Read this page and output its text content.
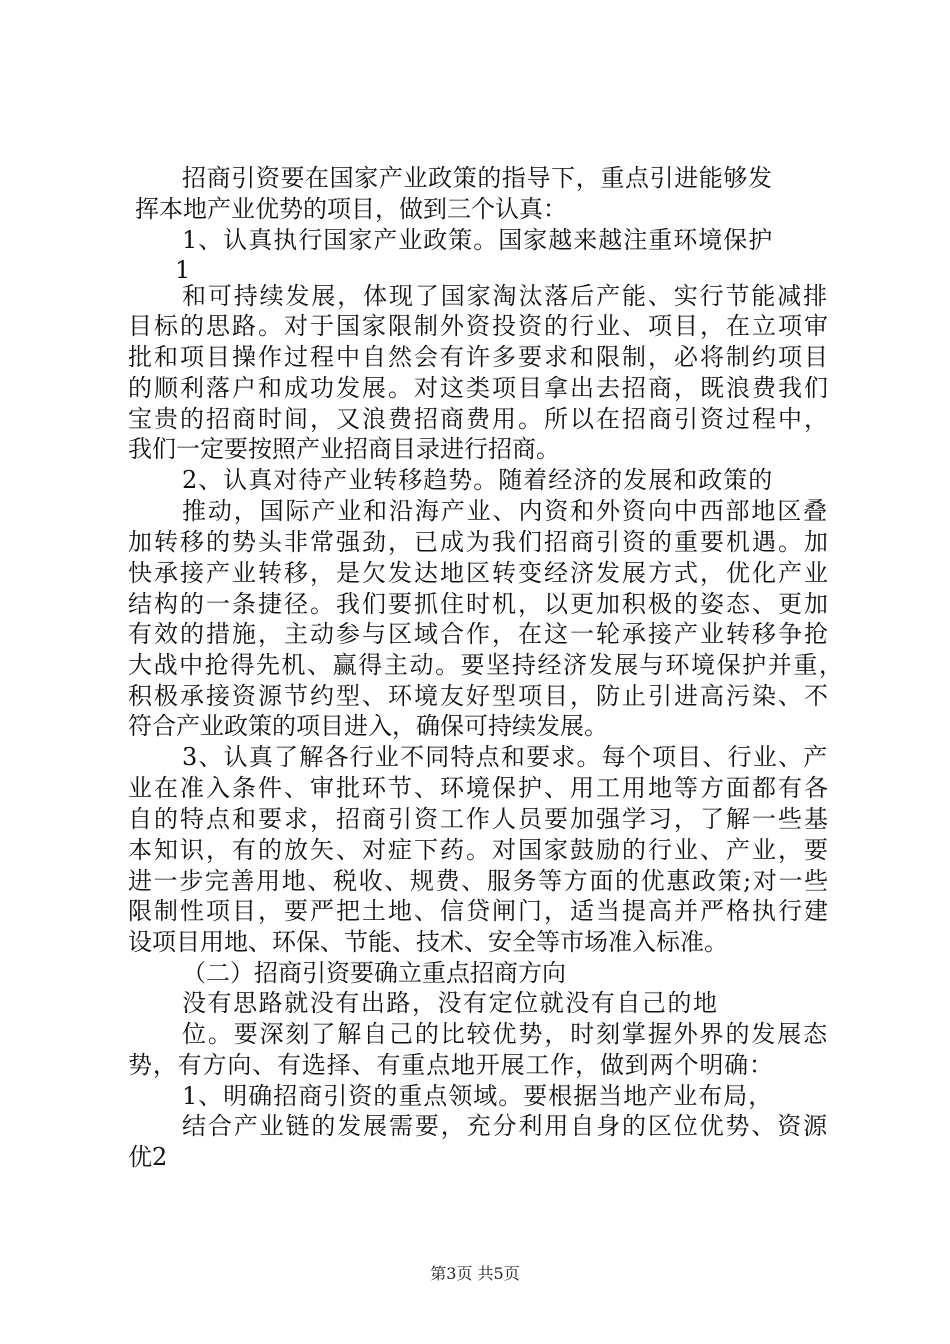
招商引资要在国家产业政策的指导下，重点引进能够发
挥本地产业优势的项目，做到三个认真：
1、认真执行国家产业政策。国家越来越注重环境保护
1
和可持续发展，体现了国家淘汰落后产能、实行节能减排
目标的思路。对于国家限制外资投资的行业、项目，在立项审
批和项目操作过程中自然会有许多要求和限制，必将制约项目
的顺利落户和成功发展。对这类项目拿出去招商，既浪费我们
宝贵的招商时间，又浪费招商费用。所以在招商引资过程中，
我们一定要按照产业招商目录进行招商。
2、认真对待产业转移趋势。随着经济的发展和政策的
推动，国际产业和沿海产业、内资和外资向中西部地区叠
加转移的势头非常强劲，已成为我们招商引资的重要机遇。加
快承接产业转移，是欠发达地区转变经济发展方式，优化产业
结构的一条捷径。我们要抓住时机，以更加积极的姿态、更加
有效的措施，主动参与区域合作，在这一轮承接产业转移争抢
大战中抢得先机、赢得主动。要坚持经济发展与环境保护并重，
积极承接资源节约型、环境友好型项目，防止引进高污染、不
符合产业政策的项目进入，确保可持续发展。
3、认真了解各行业不同特点和要求。每个项目、行业、产
业在准入条件、审批环节、环境保护、用工用地等方面都有各
自的特点和要求，招商引资工作人员要加强学习，了解一些基
本知识，有的放矢、对症下药。对国家鼓励的行业、产业，要
进一步完善用地、税收、规费、服务等方面的优惠政策;对一些
限制性项目，要严把土地、信贷闸门，适当提高并严格执行建
设项目用地、环保、节能、技术、安全等市场准入标准。
（二）招商引资要确立重点招商方向
没有思路就没有出路，没有定位就没有自己的地
位。要深刻了解自己的比较优势，时刻掌握外界的发展态
势，有方向、有选择、有重点地开展工作，做到两个明确：
1、明确招商引资的重点领域。要根据当地产业布局，
结合产业链的发展需要，充分利用自身的区位优势、资源
优2
第3页 共5页
